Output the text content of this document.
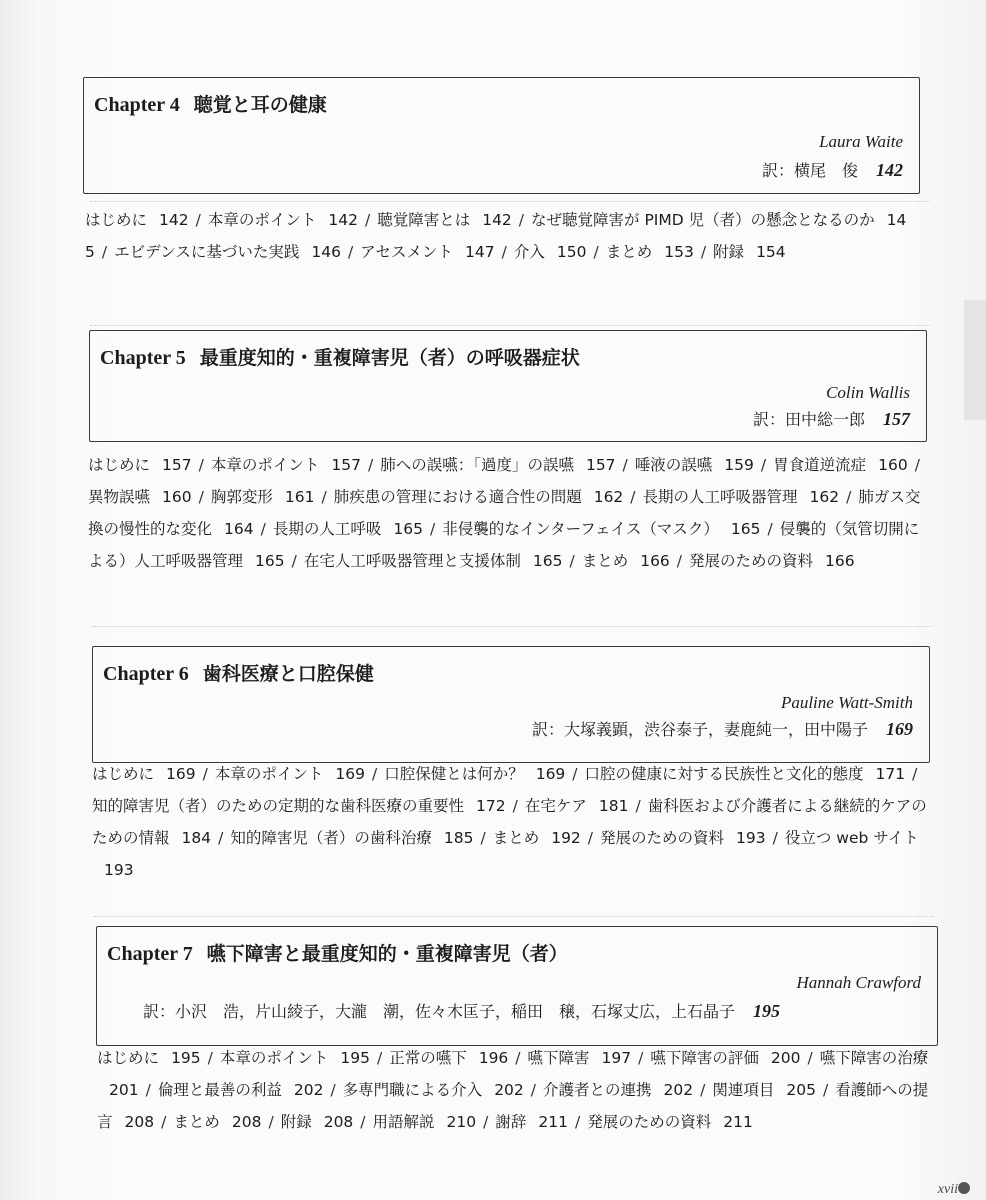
Chapter 4 聴覚と耳の健康
Laura Waite
訳：横尾　俊 142
はじめに 142 / 本章のポイント 142 / 聴覚障害とは 142 / なぜ聴覚障害が PIMD 児（者）の懸念となるのか 145 / エビデンスに基づいた実践 146 / アセスメント 147 / 介入 150 / まとめ 153 / 附録 154
Chapter 5 最重度知的・重複障害児（者）の呼吸器症状
Colin Wallis
訳：田中総一郎 157
はじめに 157 / 本章のポイント 157 / 肺への誤嚥：「過度」の誤嚥 157 / 唾液の誤嚥 159 / 胃食道逆流症 160 /異物誤嚥 160 / 胸郭変形 161 / 肺疾患の管理における適合性の問題 162 / 長期の人工呼吸器管理 162 / 肺ガス交換の慢性的な変化 164 / 長期の人工呼吸 165 / 非侵襲的なインターフェイス（マスク） 165 / 侵襲的（気管切開による）人工呼吸器管理 165 / 在宅人工呼吸器管理と支援体制 165 / まとめ 166 / 発展のための資料 166
Chapter 6 歯科医療と口腔保健
Pauline Watt-Smith
訳：大塚義顕，渋谷泰子，妻鹿純一，田中陽子 169
はじめに 169 / 本章のポイント 169 / 口腔保健とは何か？ 169 / 口腔の健康に対する民族性と文化的態度 171 /知的障害児（者）のための定期的な歯科医療の重要性 172 / 在宅ケア 181 / 歯科医および介護者による継続的ケアのための情報 184 / 知的障害児（者）の歯科治療 185 / まとめ 192 / 発展のための資料 193 / 役立つ web サイト193
Chapter 7 嚥下障害と最重度知的・重複障害児（者）
Hannah Crawford
訳：小沢　浩，片山綾子，大瀧　潮，佐々木匡子，稲田　穣，石塚丈広，上石晶子 195
はじめに 195 / 本章のポイント 195 / 正常の嚥下 196 / 嚥下障害 197 / 嚥下障害の評価 200 / 嚥下障害の治療201 / 倫理と最善の利益 202 / 多専門職による介入 202 / 介護者との連携 202 / 関連項目 205 / 看護師への提言 208 / まとめ 208 / 附録 208 / 用語解説 210 / 謝辞 211 / 発展のための資料 211
xvii
